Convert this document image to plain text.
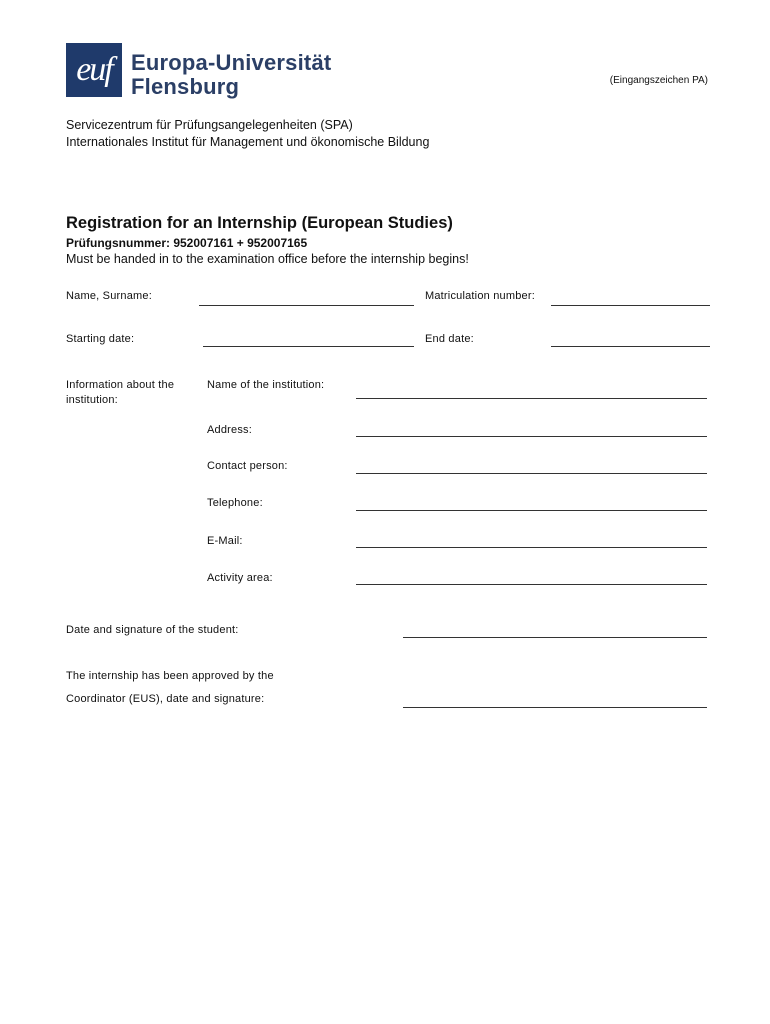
euf Europa-Universität
Flensburg	(Eingangszeichen PA)
Servicezentrum für Prüfungsangelegenheiten (SPA)
Internationales Institut für Management und ökonomische Bildung
Registration for an Internship (European Studies)
Prüfungsnummer: 952007161 + 952007165
Must be handed in to the examination office before the internship begins!
Name, Surname:	Matriculation number:
Starting date:	End date:
Information about the
institution:
Name of the institution:
Address:
Contact person:
Telephone:
E-Mail:
Activity area:
Date and signature of the student:
The internship has been approved by the
Coordinator (EUS), date and signature:
